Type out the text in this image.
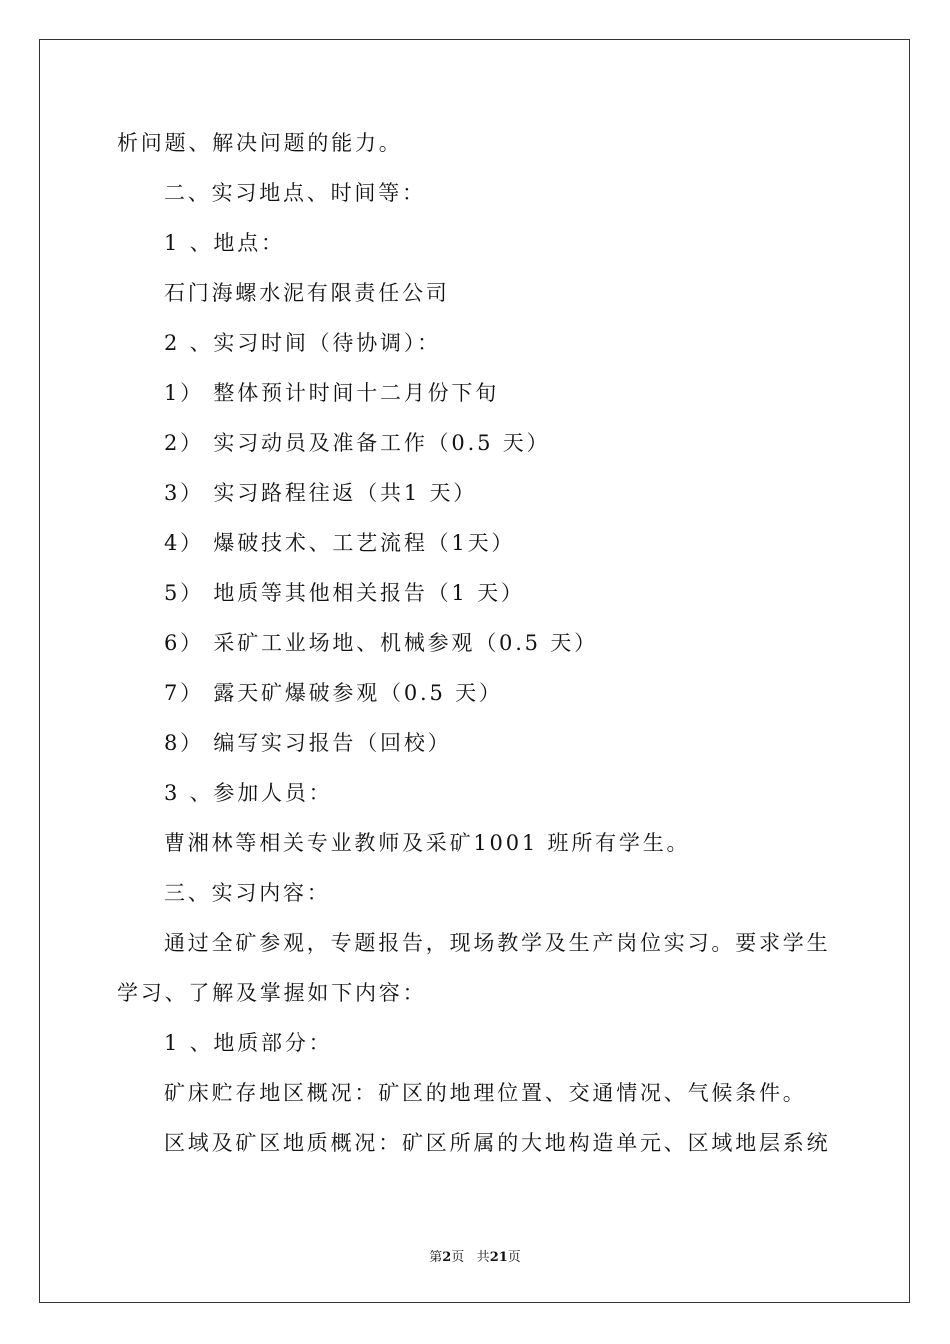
析问题、解决问题的能力。
二、实习地点、时间等：
1 、地点：
石门海螺水泥有限责任公司
2 、实习时间（待协调）：
1） 整体预计时间十二月份下旬
2） 实习动员及准备工作（0.5 天）
3） 实习路程往返（共1 天）
4） 爆破技术、工艺流程（1天）
5） 地质等其他相关报告（1 天）
6） 采矿工业场地、机械参观（0.5 天）
7） 露天矿爆破参观（0.5 天）
8） 编写实习报告（回校）
3 、参加人员：
曹湘林等相关专业教师及采矿1001 班所有学生。
三、实习内容：
通过全矿参观，专题报告，现场教学及生产岗位实习。要求学生
学习、了解及掌握如下内容：
1 、地质部分：
矿床贮存地区概况：矿区的地理位置、交通情况、气候条件。
区域及矿区地质概况：矿区所属的大地构造单元、区域地层系统
第2页 共21页
